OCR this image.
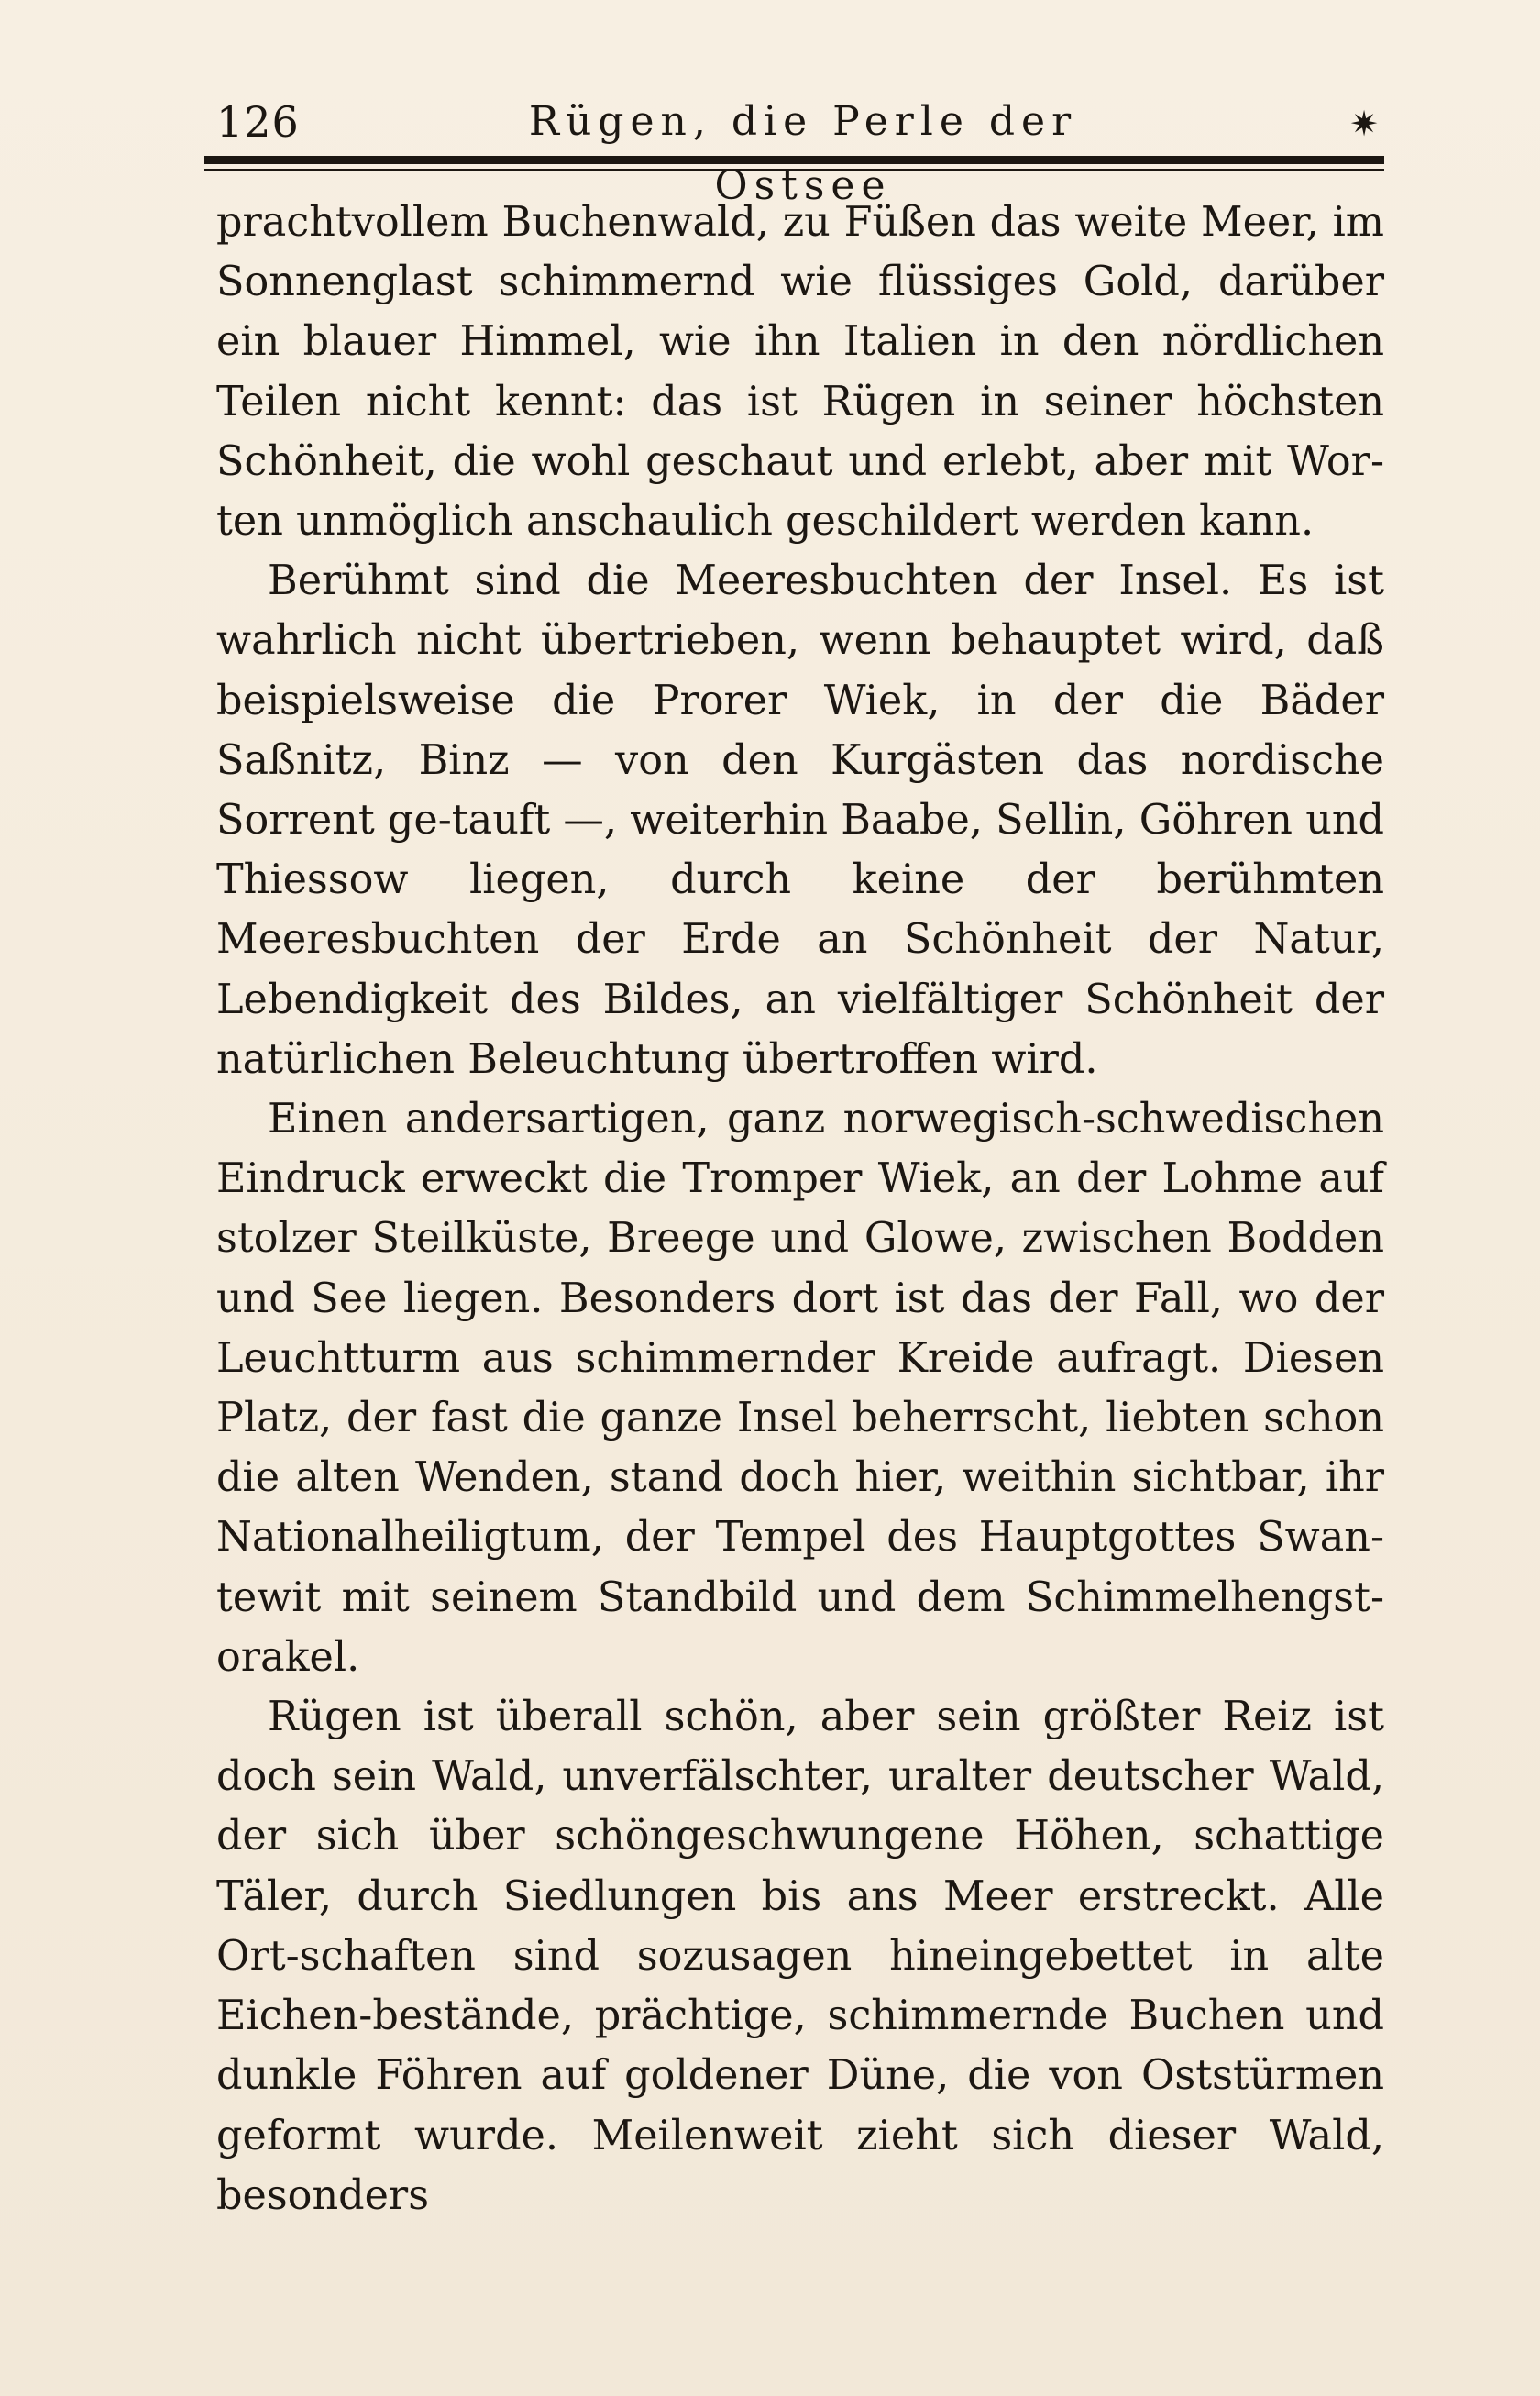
126	Rügen, die Perle der Ostsee
✷

prachtvollem Buchenwald, zu Füßen das weite Meer, im Sonnenglast schimmernd wie flüssiges Gold, darüber ein blauer Himmel, wie ihn Italien in den nördlichen Teilen nicht kennt: das ist Rügen in seiner höchsten Schönheit, die wohl geschaut und erlebt, aber mit Wor-ten unmöglich anschaulich geschildert werden kann.

Berühmt sind die Meeresbuchten der Insel. Es ist wahrlich nicht übertrieben, wenn behauptet wird, daß beispielsweise die Prorer Wiek, in der die Bäder Saßnitz, Binz — von den Kurgästen das nordische Sorrent ge-tauft —, weiterhin Baabe, Sellin, Göhren und Thiessow liegen, durch keine der berühmten Meeresbuchten der Erde an Schönheit der Natur, Lebendigkeit des Bildes, an vielfältiger Schönheit der natürlichen Beleuchtung übertroffen wird.

Einen andersartigen, ganz norwegisch-schwedischen Eindruck erweckt die Tromper Wiek, an der Lohme auf stolzer Steilküste, Breege und Glowe, zwischen Bodden und See liegen. Besonders dort ist das der Fall, wo der Leuchtturm aus schimmernder Kreide aufragt. Diesen Platz, der fast die ganze Insel beherrscht, liebten schon die alten Wenden, stand doch hier, weithin sichtbar, ihr Nationalheiligtum, der Tempel des Hauptgottes Swan-tewit mit seinem Standbild und dem Schimmelhengst-orakel.

Rügen ist überall schön, aber sein größter Reiz ist doch sein Wald, unverfälschter, uralter deutscher Wald, der sich über schöngeschwungene Höhen, schattige Täler, durch Siedlungen bis ans Meer erstreckt. Alle Ort-schaften sind sozusagen hineingebettet in alte Eichen-bestände, prächtige, schimmernde Buchen und dunkle Föhren auf goldener Düne, die von Oststürmen geformt wurde. Meilenweit zieht sich dieser Wald, besonders
